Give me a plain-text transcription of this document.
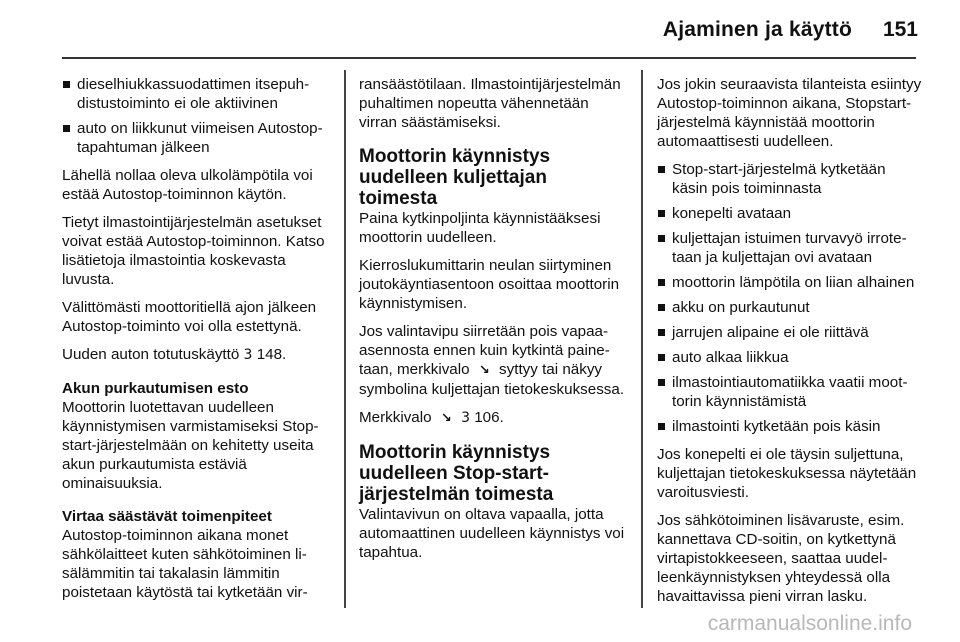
Ajaminen ja käyttö 151
dieselhiukkassuodattimen itsepuhdistustoiminto ei ole aktiivinen
auto on liikkunut viimeisen Autostop-tapahtuman jälkeen

Lähellä nollaa oleva ulkolämpötila voi estää Autostop-toiminnon käytön.

Tietyt ilmastointijärjestelmän asetukset voivat estää Autostop-toiminnon. Katso lisätietoja ilmastointia koskevasta luvusta.

Välittömästi moottoritiellä ajon jälkeen Autostop-toiminto voi olla estettynä.

Uuden auton totutuskäyttö 3 148.

Akun purkautumisen esto

Moottorin luotettavan uudelleen käynnistymisen varmistamiseksi Stop-start-järjestelmään on kehitetty useita akun purkautumista estäviä ominaisuuksia.

Virtaa säästävät toimenpiteet

Autostop-toiminnon aikana monet sähkölaitteet kuten sähkötoiminen lisälämmitin tai takalasin lämmitin poistetaan käytöstä tai kytketään vir-

ransäästötilaan. Ilmastointijärjestelmän puhaltimen nopeutta vähennetään virran säästämiseksi.

Moottorin käynnistys uudelleen kuljettajan toimesta

Paina kytkinpoljinta käynnistääksesi moottorin uudelleen.

Kierroslukumittarin neulan siirtyminen joutokäyntiasentoon osoittaa moottorin käynnistymisen.

Jos valintavipu siirretään pois vapaaasennosta ennen kuin kytkintä painetaan, merkkivalo ↘ syttyy tai näkyy symbolina kuljettajan tietokeskuksessa.

Merkkivalo ↘ 3 106.

Moottorin käynnistys uudelleen Stop-start-järjestelmän toimesta

Valintavivun on oltava vapaalla, jotta automaattinen uudelleen käynnistys voi tapahtua.

Jos jokin seuraavista tilanteista esiintyy Autostop-toiminnon aikana, Stopstart-järjestelmä käynnistää moottorin automaattisesti uudelleen.

Stop-start-järjestelmä kytketään käsin pois toiminnasta
konepelti avataan
kuljettajan istuimen turvavyö irrotetaan ja kuljettajan ovi avataan
moottorin lämpötila on liian alhainen
akku on purkautunut
jarrujen alipaine ei ole riittävä
auto alkaa liikkua
ilmastointiautomatiikka vaatii moottorin käynnistämistä
ilmastointi kytketään pois käsin

Jos konepelti ei ole täysin suljettuna, kuljettajan tietokeskuksessa näytetään varoitusviesti.

Jos sähkötoiminen lisävaruste, esim. kannettava CD-soitin, on kytkettynä virtapistokkeeseen, saattaa uudelleenkäynnistyksen yhteydessä olla havaittavissa pieni virran lasku.

carmanualsonline.info
